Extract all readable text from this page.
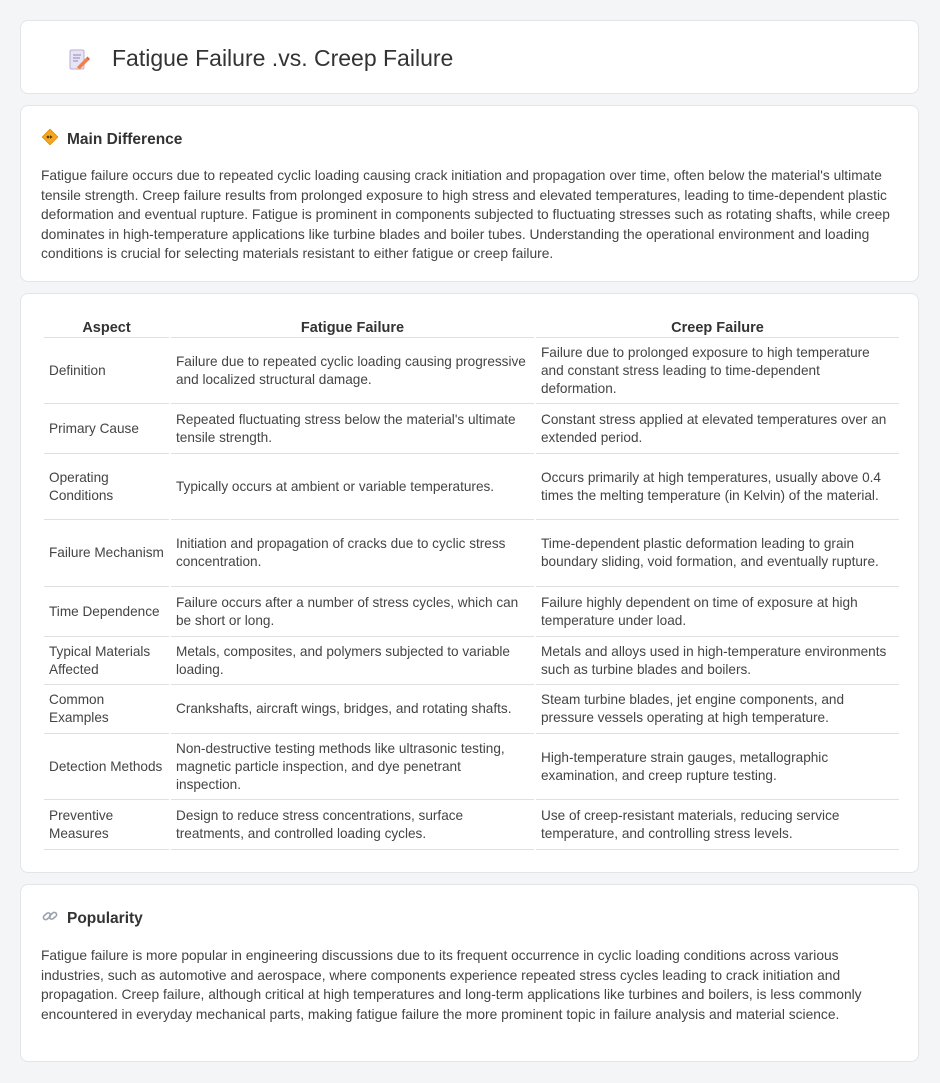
Fatigue Failure .vs. Creep Failure
Main Difference

Fatigue failure occurs due to repeated cyclic loading causing crack initiation and propagation over time, often below the material's ultimate tensile strength. Creep failure results from prolonged exposure to high stress and elevated temperatures, leading to time-dependent plastic deformation and eventual rupture. Fatigue is prominent in components subjected to fluctuating stresses such as rotating shafts, while creep dominates in high-temperature applications like turbine blades and boiler tubes. Understanding the operational environment and loading conditions is crucial for selecting materials resistant to either fatigue or creep failure.

Aspect	Fatigue Failure	Creep Failure
Definition	Failure due to repeated cyclic loading causing progressive and localized structural damage.	Failure due to prolonged exposure to high temperature and constant stress leading to time-dependent deformation.
Primary Cause	Repeated fluctuating stress below the material's ultimate tensile strength.	Constant stress applied at elevated temperatures over an extended period.
Operating Conditions	Typically occurs at ambient or variable temperatures.	Occurs primarily at high temperatures, usually above 0.4 times the melting temperature (in Kelvin) of the material.
Failure Mechanism	Initiation and propagation of cracks due to cyclic stress concentration.	Time-dependent plastic deformation leading to grain boundary sliding, void formation, and eventually rupture.
Time Dependence	Failure occurs after a number of stress cycles, which can be short or long.	Failure highly dependent on time of exposure at high temperature under load.
Typical Materials Affected	Metals, composites, and polymers subjected to variable loading.	Metals and alloys used in high-temperature environments such as turbine blades and boilers.
Common Examples	Crankshafts, aircraft wings, bridges, and rotating shafts.	Steam turbine blades, jet engine components, and pressure vessels operating at high temperature.
Detection Methods	Non-destructive testing methods like ultrasonic testing, magnetic particle inspection, and dye penetrant inspection.	High-temperature strain gauges, metallographic examination, and creep rupture testing.
Preventive Measures	Design to reduce stress concentrations, surface treatments, and controlled loading cycles.	Use of creep-resistant materials, reducing service temperature, and controlling stress levels.
Popularity

Fatigue failure is more popular in engineering discussions due to its frequent occurrence in cyclic loading conditions across various industries, such as automotive and aerospace, where components experience repeated stress cycles leading to crack initiation and propagation. Creep failure, although critical at high temperatures and long-term applications like turbines and boilers, is less commonly encountered in everyday mechanical parts, making fatigue failure the more prominent topic in failure analysis and material science.
